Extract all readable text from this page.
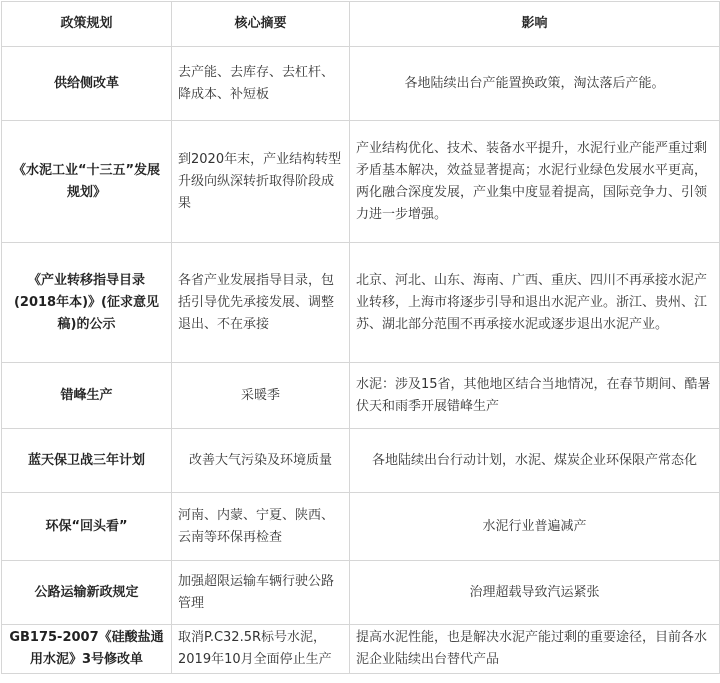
政策规划	核心摘要	影响
供给侧改革	去产能、去库存、去杠杆、降成本、补短板	各地陆续出台产能置换政策，淘汰落后产能。
《水泥工业“十三五”发展规划》	到2020年末，产业结构转型升级向纵深转折取得阶段成果	产业结构优化、技术、装备水平提升，水泥行业产能严重过剩矛盾基本解决，效益显著提高；水泥行业绿色发展水平更高，两化融合深度发展，产业集中度显着提高，国际竞争力、引领力进一步增强。
《产业转移指导目录(2018年本)》(征求意见稿)的公示	各省产业发展指导目录，包括引导优先承接发展、调整退出、不在承接	北京、河北、山东、海南、广西、重庆、四川不再承接水泥产业转移，上海市将逐步引导和退出水泥产业。浙江、贵州、江苏、湖北部分范围不再承接水泥或逐步退出水泥产业。
错峰生产	采暖季	水泥：涉及15省，其他地区结合当地情况，在春节期间、酷暑伏天和雨季开展错峰生产
蓝天保卫战三年计划	改善大气污染及环境质量	各地陆续出台行动计划，水泥、煤炭企业环保限产常态化
环保“回头看”	河南、内蒙、宁夏、陕西、云南等环保再检查	水泥行业普遍减产
公路运输新政规定	加强超限运输车辆行驶公路管理	治理超载导致汽运紧张
GB175-2007《硅酸盐通用水泥》3号修改单	取消P.C32.5R标号水泥，2019年10月全面停止生产	提高水泥性能，也是解决水泥产能过剩的重要途径，目前各水泥企业陆续出台替代产品
